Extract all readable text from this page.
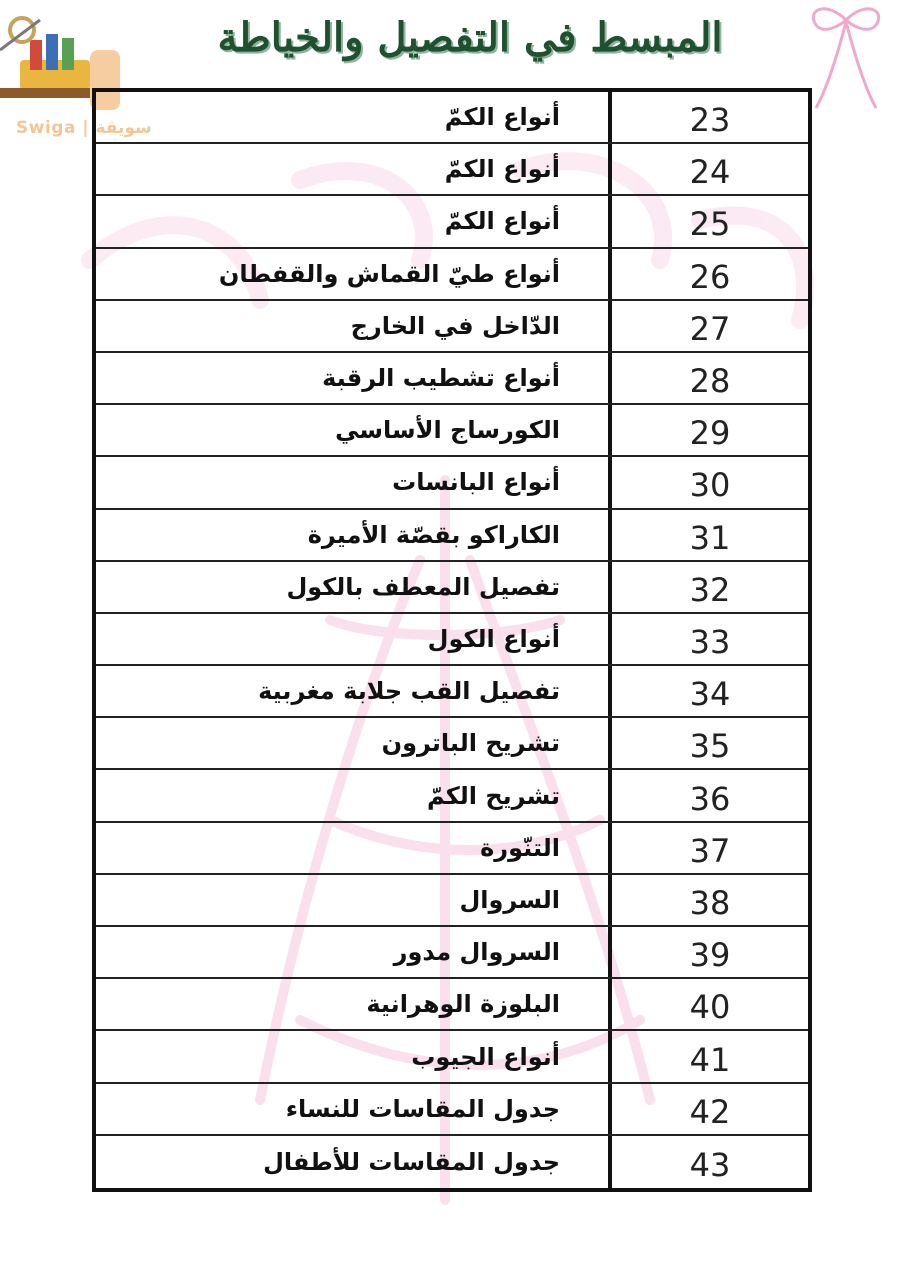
Swiga | سويقة
المبسط في التفصيل والخياطة
أنواع الكمّ	23
أنواع الكمّ	24
أنواع الكمّ	25
أنواع طيّ القماش والقفطان	26
الدّاخل في الخارج	27
أنواع تشطيب الرقبة	28
الكورساج الأساسي	29
أنواع البانسات	30
الكاراكو بقصّة الأميرة	31
تفصيل المعطف بالكول	32
أنواع الكول	33
تفصيل القب جلابة مغربية	34
تشريح الباترون	35
تشريح الكمّ	36
التنّورة	37
السروال	38
السروال مدور	39
البلوزة الوهرانية	40
أنواع الجيوب	41
جدول المقاسات للنساء	42
جدول المقاسات للأطفال	43
